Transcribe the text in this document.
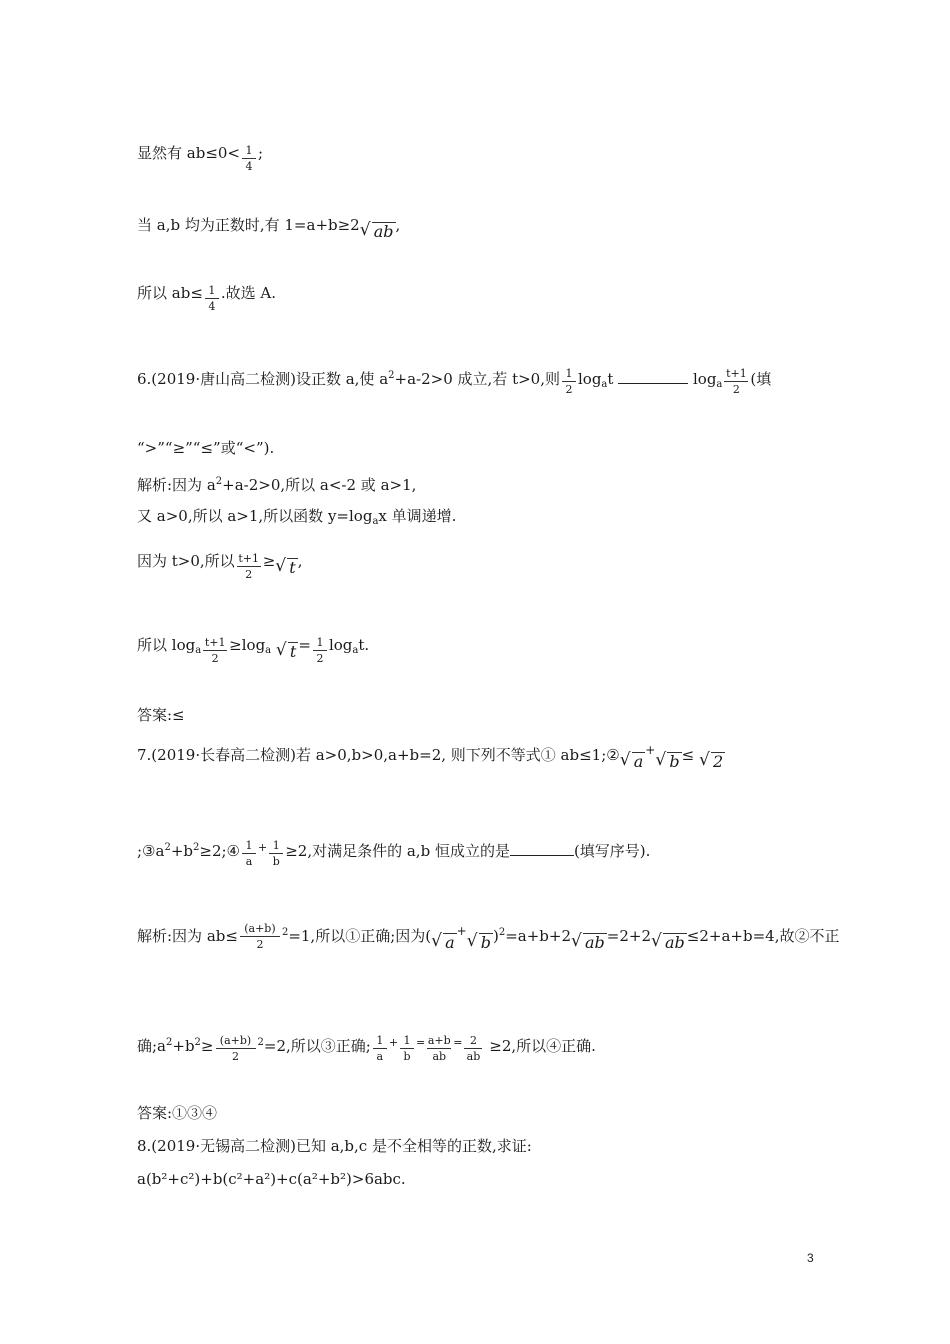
显然有 $ab\le 0< \frac{1}{4}$ ;
当 a,b 均为正数时,有 1=a+b≥2 √ ab ,
所以 $ab\le \frac{1}{4}$ .故选 A.
6.(2019·唐山高二检测)设正数 a,使 $a^2+a-2>0$ 成立,若 t>0,则 $\frac{1}{2} \log_at$	$\log_a \frac{t+1}{2}$ (填
“>”“≥”“≤”或“<”).
解析:因为 $a^2+a-2>0$,所以 a<-2 或 a>1,
又 a>0,所以 a>1,所以函数 $y=\log_ax$ 单调递增.
因为 t>0,所以 $\frac{t+1}{2}$ ≥ √ t ,
所以 $\log_a \frac{t+1}{2} \ge\log_a$ √ $t = \frac{1}{2} \log_at$.
答案:≤
7.(2019·长春高二检测)若 a>0,b>0,a+b=2, 则下列不等式① ab≤1;② √ a+ √ b ≤ √ 2
$;③a^2+b^2\ge 2;④ \frac{1}{a} ^+ \frac{1}{b} \ge 2$,对满足条件的 a,b 恒成立的是	(填写序号).
解析:因为 $ab\le \frac{(a+b)}{2} ^2=1$,所以①正确;因为( √ a+ √ b )$^2$=a+b+2 √ ab =2+2 √ ab ≤2+a+b=4,故②不正
确$;a^2+b^2\ge \frac{(a+b)}{2} ^2=2$,所以③正确; $\frac{1}{a} ^+ \frac{1}{b} ^= \frac{a+b}{ab} ^= \frac{2}{ab} \ge 2$,所以④正确.
答案:①③④
8.(2019·无锡高二检测)已知 a,b,c 是不全相等的正数,求证:
a(b²+c²)+b(c²+a²)+c(a²+b²)>6abc.
3
